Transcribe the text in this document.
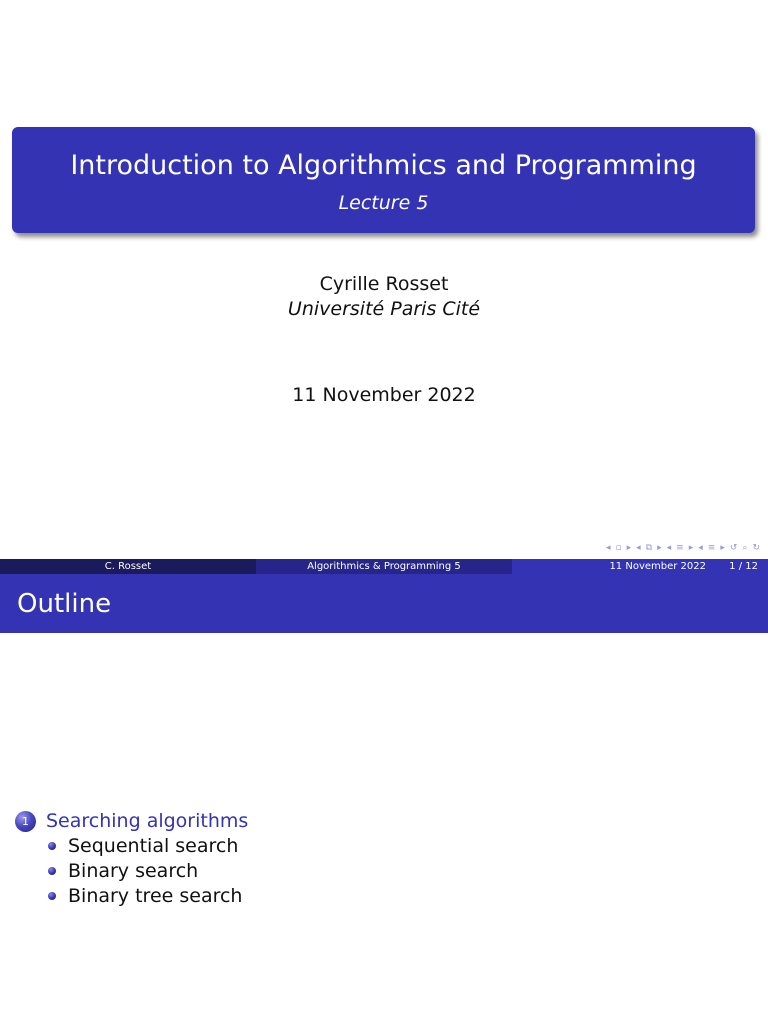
Introduction to Algorithmics and Programming
Lecture 5
Cyrille Rosset
Université Paris Cité
11 November 2022
◂ ▫ ▸ ◂ ⧉ ▸ ◂ ≡ ▸ ◂ ≡ ▸ ↺ ⌕ ↻
C. Rosset	Algorithmics & Programming 5	11 November 2022 1 / 12
Outline
1 Searching algorithms
Sequential search
Binary search
Binary tree search
